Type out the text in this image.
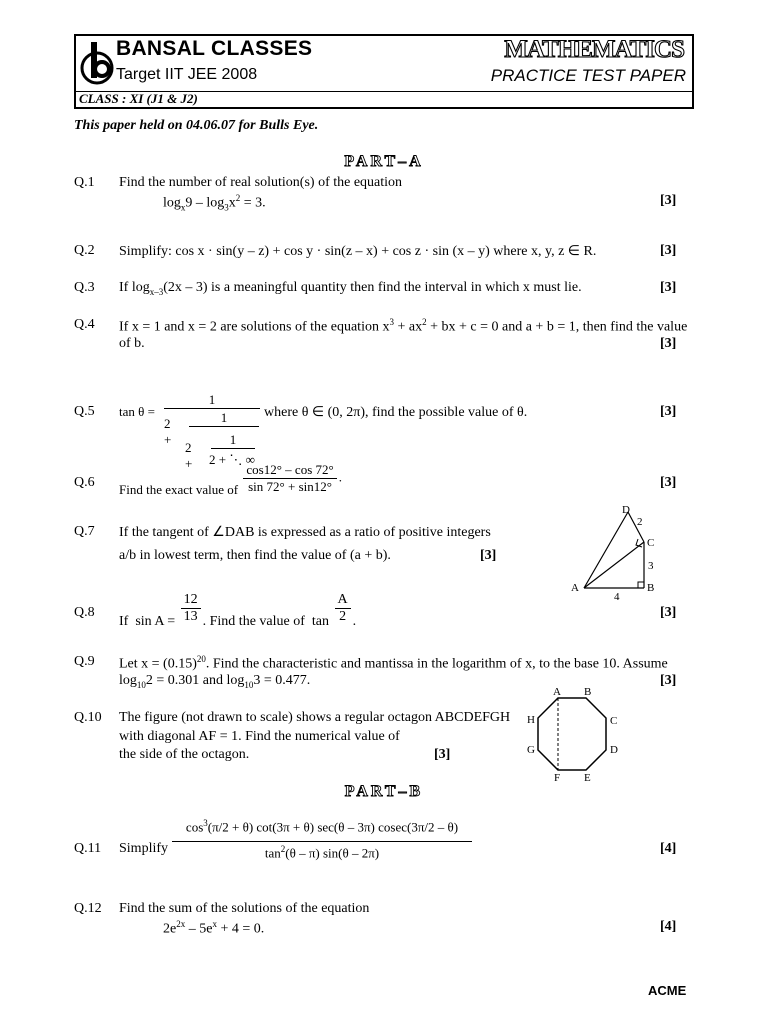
BANSAL CLASSES
Target IIT JEE 2008
MATHEMATICS
PRACTICE TEST PAPER
CLASS : XI (J1 & J2)
This paper held on 04.06.07 for Bulls Eye.
PART–A
Q.1 Find the number of real solution(s) of the equation
$\log_x9 - \log_3x^2 = 3$.	[3]
Q.2 Simplify: cos x · sin(y – z) + cos y · sin(z – x) + cos z · sin (x – y) where x, y, z ∈ R.	[3]
Q.3 If $\log_{x-3}(2x - 3)$ is a meaningful quantity then find the interval in which x must lie.	[3]
Q.4 If x = 1 and x = 2 are solutions of the equation $x^3 + ax^2$ + bx + c = 0 and a + b = 1, then find the value
of b.	[3]
Q.5 tan θ =
1
2 +
1
2 +
1
2 + ⋱ ∞
where θ ∈ (0, 2π), find the possible value of θ.	[3]
Q.6 Find the exact value of $\frac{\cos 12^\circ - \cos 72^\circ}{\sin 72^\circ + \sin 12^\circ}$ .	[3]
Q.7 If the tangent of ∠DAB is expressed as a ratio of positive integers
a/b in lowest term, then find the value of (a + b).	[3]
D
C
A	B
2
3
4
Q.8
If  $\sin A = \frac{12}{13}$ . Find the value of  $\tan \frac{A}{2}$ .
[3]
Q.9 Let $x = (0.15)^{20}$. Find the characteristic and mantissa in the logarithm of x, to the base 10. Assume
$\log_{10}2 = 0.301$ and $\log_{10}3 = 0.477$.	[3]
Q.10 The figure (not drawn to scale) shows a regular octagon ABCDEFGH
with diagonal AF = 1. Find the numerical value of
the side of the octagon.	[3]
A B
C
D
E
F
G
H
PART–B
Q.11 Simplify
$\cos^3(\pi/2 + \theta) \cot(3\pi + \theta)$ sec(θ – 3π) cosec(3π/2 – θ)
$\tan^2(\theta - \pi)$ sin(θ – 2π)	[4]
Q.12 Find the sum of the solutions of the equation
$2e^{2x} - 5e^x + 4 = 0$.	[4]
ACME
